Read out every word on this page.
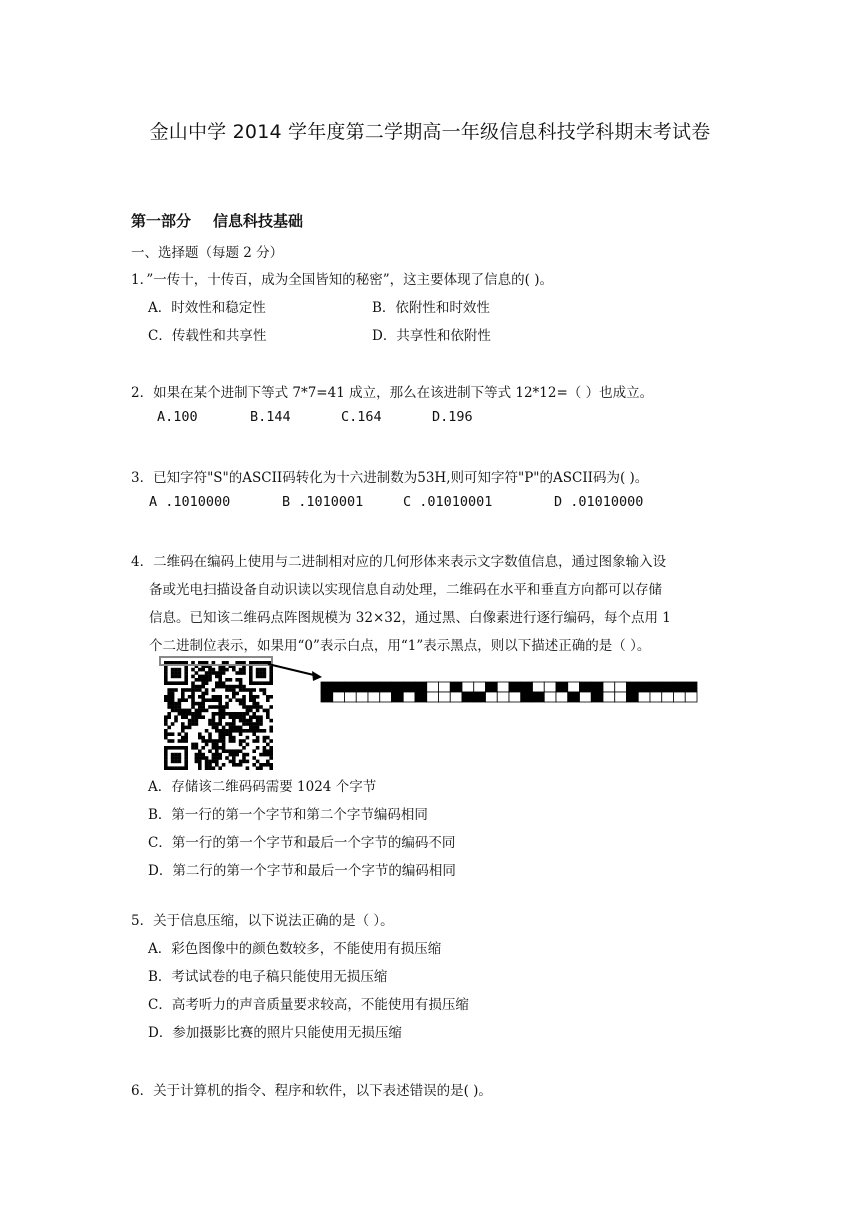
金山中学 2014 学年度第二学期高一年级信息科技学科期末考试卷
第一部分 信息科技基础
一、选择题（每题 2 分）
1．”一传十，十传百，成为全国皆知的秘密”，这主要体现了信息的( )。
A．时效性和稳定性	B．依附性和时效性
C．传载性和共享性	D．共享性和依附性
2．如果在某个进制下等式 7*7=41 成立，那么在该进制下等式 12*12=（ ）也成立。
A.100	B.144	C.164	D.196
3．已知字符"S"的ASCII码转化为十六进制数为53H,则可知字符"P"的ASCII码为( )。
A .1010000	B .1010001	C .01010001	D .01010000
4．二维码在编码上使用与二进制相对应的几何形体来表示文字数值信息，通过图象输入设
备或光电扫描设备自动识读以实现信息自动处理，二维码在水平和垂直方向都可以存储
信息。已知该二维码点阵图规模为 32×32，通过黑、白像素进行逐行编码，每个点用 1
个二进制位表示，如果用“0”表示白点，用“1”表示黑点，则以下描述正确的是（ ）。
A．存储该二维码码需要 1024 个字节
B．第一行的第一个字节和第二个字节编码相同
C．第一行的第一个字节和最后一个字节的编码不同
D．第二行的第一个字节和最后一个字节的编码相同
5．关于信息压缩，以下说法正确的是（ ）。
A．彩色图像中的颜色数较多，不能使用有损压缩
B．考试试卷的电子稿只能使用无损压缩
C．高考听力的声音质量要求较高，不能使用有损压缩
D．参加摄影比赛的照片只能使用无损压缩
6．关于计算机的指令、程序和软件，以下表述错误的是( )。
